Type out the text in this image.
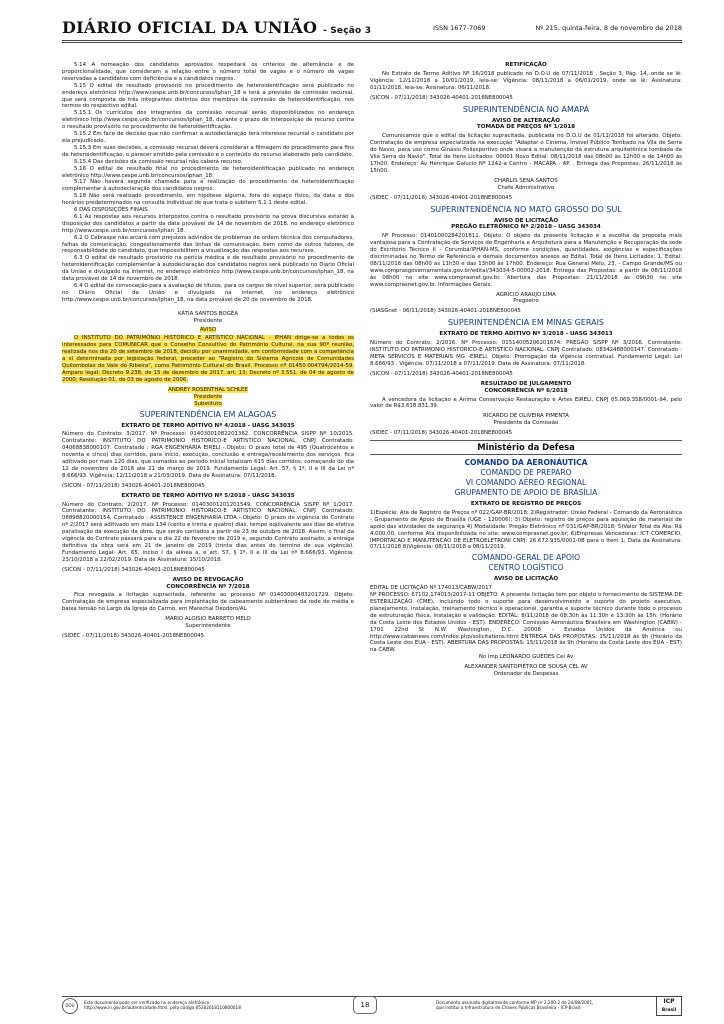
DIÁRIO OFICIAL DA UNIÃO - Seção 3	ISSN 1677-7069	Nº 215, quinta-feira, 8 de novembro de 2018

5.14 A nomeação dos candidatos aprovados respeitará os critérios de alternância e de proporcionalidade, que consideram a relação entre o número total de vagas e o número de vagas reservadas a candidatos com deficiência e a candidatos negros.

5.15 O edital de resultado provisório no procedimento de heteroidentificação será publicado no endereço eletrônico http://www.cespe.unb.br/concursos/iphan_18 e terá a previsão de comissão recursal, que será composta de três integrantes distintos dos membros da comissão de heteroidentificação, nos termos do respectivo edital.

5.15.1 Os currículos dos integrantes da comissão recursal serão disponibilizados no endereço eletrônico http://www.cespe.unb.br/concursos/iphan_18, durante o prazo de interposição de recurso contra o resultado provisório no procedimento de heteroidentificação.

5.15.2 Em face de decisão que não confirmar a autodeclaração terá interesse recursal o candidato por ela prejudicado.

5.15.3 Em suas decisões, a comissão recursal deverá considerar a filmagem do procedimento para fins de heteroidentificação, o parecer emitido pela comissão e o conteúdo do recurso elaborado pelo candidato.

5.15.4 Das decisões da comissão recursal não caberá recurso.

5.16 O edital de resultado final no procedimento de heteroidentificação publicado no endereço eletrônico http://www.cespe.unb.br/concursos/iphan_18.

5.17 Não haverá segunda chamada para a realização do procedimento de heteroidentificação complementar à autodeclaração dos candidatos negros.

5.18 Não será realizado procedimento, em hipótese alguma, fora do espaço físico, da data e dos horários predeterminados na consulta individual de que trata o subitem 5.1.1 deste edital.

6 DAS DISPOSIÇÕES FINAIS

6.1 As respostas aos recursos interpostos contra o resultado provisório na prova discursiva estarão à disposição dos candidatos a partir da data provável de 14 de novembro de 2018, no endereço eletrônico http://www.cespe.unb.br/concursos/iphan_18.

6.2 O Cebraspe não arcará com prejuízos advindos de problemas de ordem técnica dos computadores, falhas de comunicação, congestionamento das linhas de comunicação, bem como de outros fatores, de responsabilidade do candidato, que impossibilitem a visualização das respostas aos recursos.

6.3 O edital de resultado provisório na perícia médica e de resultado provisório no procedimento de heteroidentificação complementar à autodeclaração dos candidatos negros será publicado no Diário Oficial da União e divulgado na internet, no endereço eletrônico http://www.cespe.unb.br/concursos/iphan_18, na data provável de 14 de novembro de 2018.

6.4 O edital de convocação para a avaliação de títulos, para os cargos de nível superior, será publicado no Diário Oficial da União e divulgado na internet, no endereço eletrônico http://www.cespe.unb.br/concursos/iphan_18, na data provável de 20 de novembro de 2018.

KÁTIA SANTOS BOGÉA

Presidente

AVISO

O INSTITUTO DO PATRIMÔNIO HISTÓRICO E ARTÍSTICO NACIONAL - IPHAN dirige-se a todos os interessados para COMUNICAR que o Conselho Consultivo do Patrimônio Cultural, na sua 90ª reunião, realizada nos dia 20 de setembro de 2018, decidiu por unanimidade, em conformidade com a competência a si determinada por legislação federal, proceder ao "Registro do Sistema Agrícola de Comunidades Quilombolas do Vale do Ribeira", como Patrimônio Cultural do Brasil. Processo nº 01450.004794/2014-59. Amparo legal: Decreto 9.238, de 15 de dezembro de 2017, art. 13; Decreto nº 3.551, de 04 de agosto de 2000; Resolução 01, de 03 de agosto de 2006.

ANDREY ROSENTHAL SCHLEE

Presidente

Substituto

SUPERINTENDÊNCIA EM ALAGOAS

EXTRATO DE TERMO ADITIVO Nº 4/2018 - UASG 343035

Número do Contrato: 3/2017. Nº Processo: 01403001082201362. CONCORRÊNCIA SISPP Nº 10/2015. Contratante: INSTITUTO DO PATRIMONIO HISTORICO-E ARTISTICO NACIONAL. CNPJ Contratado: 04068838000107. Contratado : RGA ENGENHARIA EIRELI -.Objeto: O prazo total de 495 (Quatrocentos e noventa e cinco) dias corridos, para início, execução, conclusão e entrega/recebimento dos serviços, fica aditivado por mais 120 dias, que somados ao período inicial totalizam 615 dias corridos, começando do dia 12 de novembro de 2018 até 21 de março de 2019. Fundamento Legal: Art. 57, § 1º, II e III da Lei nº 8.666/93. Vigência: 12/11/2018 a 21/03/2019. Data de Assinatura: 07/11/2018.

(SICON - 07/11/2018) 343026-40401-2018NE800045

EXTRATO DE TERMO ADITIVO Nº 5/2018 - UASG 343035

Número do Contrato: 2/2017. Nº Processo: 01403001201201549. CONCORRÊNCIA SISPP Nº 1/2017. Contratante: INSTITUTO DO PATRIMONIO HISTORICO-E ARTISTICO NACIONAL. CNPJ Contratado: 08898820000154. Contratado : ASSISTENCE ENGENHARIA LTDA -.Objeto: O prazo de vigência do Contrato nº 2/2017 será aditivado em mais 134 (cento e trinta e quatro) dias, tempo equivalente aos dias de efetiva paralisação da execução da obra, que serão contados a partir de 23 de outubro de 2018. Assim, o final da vigência do Contrato passará para o dia 22 de fevereiro de 2019 e, segundo Contrato assinado, a entrega definitiva da obra será em 21 de janeiro de 2019 (trinta dias antes do término de sua vigência). Fundamento Legal: Art. 65, inciso I da alínea a, e art. 57, § 1º, II e III da Lei nº 8.666/93. Vigência: 23/10/2018 a 22/02/2019. Data de Assinatura: 15/10/2018.

(SICON - 07/11/2018) 343026-40401-2018NE800045

AVISO DE REVOGAÇÃO

CONCORRÊNCIA Nº 7/2018

Fica revogada a licitação supracitada, referente ao processo Nº 01403000483201729. Objeto: Contratação de empresa especializada para implantação de cabeamento subterrâneo da rede de média e baixa tensão no Largo da Igreja do Carmo, em Marechal Deodoro/AL

MARIO ALOISIO BARRETO MELO

Superintendente

(SIDEC - 07/11/2018) 343026-40401-2018NE800045

RETIFICAÇÃO

No Extrato de Termo Aditivo Nº 16/2018 publicado no D.O.U de 07/11/2018 , Seção 3, Pág. 14, onde se lê: Vigência: 12/11/2018 a 10/01/2019, leia-se: Vigência: 08/11/2018 a 06/01/2019, onde se lê: Assinatura: 01/11/2018, leia-se: Assinatura: 06/11/2018.

(SICON - 07/11/2018) 343026-40401-2018NE800045

SUPERINTENDÊNCIA NO AMAPÁ

AVISO DE ALTERAÇÃO

TOMADA DE PREÇOS Nº 1/2018

Comunicamos que o edital da licitação supracitada, publicada no D.O.U de 01/11/2018 foi alterado. Objeto: Contratação de empresa especializada na execução "Adaptar o Cinema, Imóvel Público Tombado na Vila de Serra do Navio, para uso como Ginásio Poliesportivo onde visará a manutenção da estrutura arquitetônica tombada da Vila Serra do Navio". Total de Itens Licitados: 00001 Novo Edital: 08/11/2018 das 08h00 às 12h00 e de 14h00 às 17h00. Endereço: Av Henrique Galucio Nº 1242-a Centro - MACAPA - AP. . Entrega das Propostas: 26/11/2018 às 15h00.

CHARLIS SENA SANTOS

Chefe Administrativo

(SIDEC - 07/11/2018) 343026-40401-2018NE800045

SUPERINTENDÊNCIA NO MATO GROSSO DO SUL

AVISO DE LICITAÇÃO

PREGÃO ELETRÔNICO Nº 2/2018 - UASG 343034

Nº Processo: 01401000284201811. Objeto: O objeto da presente licitação é a escolha da proposta mais vantajosa para a Contratação de Serviços de Engenharia e Arquitetura para a Manutenção e Recuperação da sede do Escritório Técnico II - Corumbá/IPHAN-MS, conforme condições, quantidades, exigências e especificações discriminadas no Termo de Referência e demais documentos anexos ao Edital. Total de Itens Licitados: 1. Edital: 08/11/2018 das 08h00 às 11h30 e das 13h00 às 17h00. Endereço: Rua General Melo, 23, - Campo Grande/MS ou www.comprasgovernamentais.gov.br/edital/343034-5-00002-2018. Entrega das Propostas: a partir de 08/11/2018 às 08h00 no site www.comprasnet.gov.br. Abertura das Propostas: 21/11/2018 às 09h30 no site www.comprasnet.gov.br. Informações Gerais.

AGRICIO ARAUJO LIMA

Pregoeiro

(SIASGnet - 06/11/2018) 343026-40401-2018NE800045

SUPERINTENDÊNCIA EM MINAS GERAIS

EXTRATO DE TERMO ADITIVO Nº 3/2018 - UASG 343013

Número do Contrato: 2/2016. Nº Processo: 01514005206201674. PREGÃO SISPP Nº 3/2016. Contratante: INSTITUTO DO PATRIMONIO HISTORICO-E ARTISTICO NACIONAL. CNPJ Contratado: 08342488000147. Contratado : META SERVICOS E MATERIAIS MG -EIRELI. Objeto: Prorrogação da vigência contratual. Fundamento Legal: Lei 8.666/93 . Vigência: 07/11/2018 a 07/11/2019. Data de Assinatura: 07/11/2018.

(SICON - 07/11/2018) 343026-40401-2018NE800045

RESULTADO DE JULGAMENTO

CONCORRÊNCIA Nº 6/2018

A vencedora da licitação é Anima Conservação Restauração e Artes EIRELI, CNPJ 05.069.358/0001-94, pelo valor de R$3.618.831,39.

RICARDO DE OLIVEIRA PIMENTA

Presidente da Comissão

(SIDEC - 07/11/2018) 343026-40401-2018NE800045

Ministério da Defesa
COMANDO DA AERONÁUTICA
COMANDO DE PREPARO
VI COMANDO AÉREO REGIONAL
GRUPAMENTO DE APOIO DE BRASÍLIA

EXTRATO DE REGISTRO DE PREÇOS

1)Espécie: Ata de Registro de Preços nº 022/GAP-BR/2018; 2)Registrador: União Federal - Comando da Aeronáutica - Grupamento de Apoio de Brasília (UGE - 120006); 3) Objeto: registro de preços para aquisição de materiais de apoio das atividades de segurança 4) Modalidade: Pregão Eletrônico nº 031/GAP-BR/2018; 5)Valor Total da Ata: R$ 4.000,00, conforme Ata disponibilizada no site: www.comprasnet.gov.br; 6)Empresas Vencedoras: ICT COMERCIO, IMPORTACAO E MANUTENCAO DE ELETROELETRONI CNPJ: 26.672.935/0001-08 para o Item 1; Data da Assinatura: 07/11/2018 8)Vigência: 08/11/2018 a 08/11/2019.

COMANDO-GERAL DE APOIO
CENTRO LOGÍSTICO

AVISO DE LICITAÇÃO

EDITAL DE LICITAÇÃO Nº 174013/CABW/2017

Nº PROCESSO: 67102.174013/2017-11 OBJETO: A presente licitação tem por objeto o fornecimento de SISTEMA DE ESTERILIZAÇÃO (CME), incluindo todo o suporte para desenvolvimento e suporte do projeto executivo, planejamento, instalação, treinamento técnico e operacional, garantia e suporte técnico durante todo o processo de estruturação física, instalação e validação. EDITAL: 8/11/2018 de 08:30h às 11:30h e 13:30h às 15h. (Horário da Costa Leste dos Estados Unidos - EST). ENDEREÇO: Comissão Aeronáutica Brasileira em Washington (CABW) - 1701 22nd St N.W. Washington, D.C. 20008 - Estados Unidos da América ou http://www.cabwnews.com/index.php/solicitations.html ENTREGA DAS PROPOSTAS: 15/11/2018 às 9h (Horário da Costa Leste dos EUA - EST). ABERTURA DAS PROPOSTAS: 15/11/2018 às 9h (Horário da Costa Leste dos EUA - EST) na CABW.

No Imp LEONARDO GUEDES Cel Av

ALEXANDER SANTOPIETRO DE SOUSA CEL AV

Ordenador de Despesas

DOU
Este documento pode ser verificado no endereço eletrônico
http://www.in.gov.br/autenticidade.html, pelo código 05302018110800018	18	Documento assinado digitalmente conforme MP nº 2.200-2 de 24/08/2001,
que institui a Infraestrutura de Chaves Públicas Brasileira - ICP-Brasil.
ICP
Brasil
